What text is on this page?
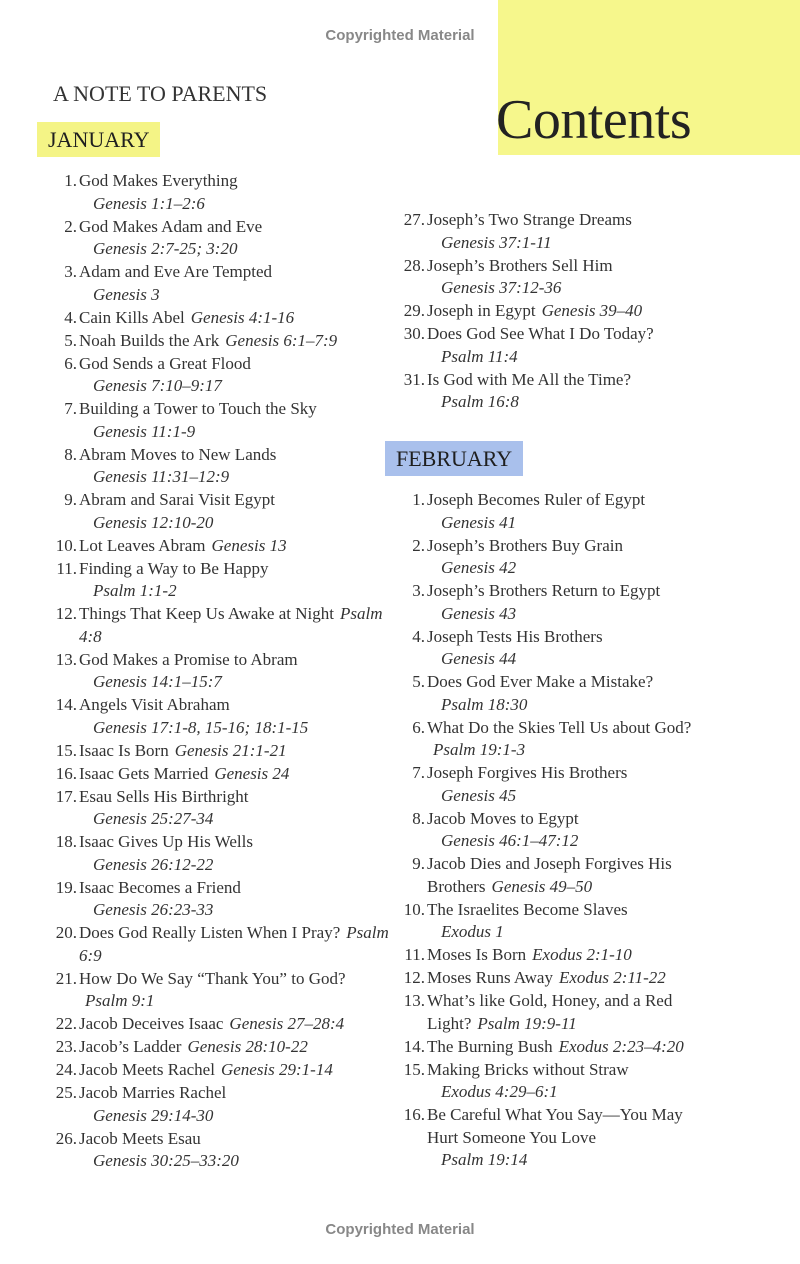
Copyrighted Material
Contents
A NOTE TO PARENTS
JANUARY
1. God Makes Everything
Genesis 1:1–2:6
2. God Makes Adam and Eve
Genesis 2:7-25; 3:20
3. Adam and Eve Are Tempted
Genesis 3
4. Cain Kills Abel Genesis 4:1-16
5. Noah Builds the Ark Genesis 6:1–7:9
6. God Sends a Great Flood
Genesis 7:10–9:17
7. Building a Tower to Touch the Sky
Genesis 11:1-9
8. Abram Moves to New Lands
Genesis 11:31–12:9
9. Abram and Sarai Visit Egypt
Genesis 12:10-20
10. Lot Leaves Abram Genesis 13
11. Finding a Way to Be Happy
Psalm 1:1-2
12. Things That Keep Us Awake at Night Psalm 4:8
13. God Makes a Promise to Abram
Genesis 14:1–15:7
14. Angels Visit Abraham
Genesis 17:1-8, 15-16; 18:1-15
15. Isaac Is Born Genesis 21:1-21
16. Isaac Gets Married Genesis 24
17. Esau Sells His Birthright
Genesis 25:27-34
18. Isaac Gives Up His Wells
Genesis 26:12-22
19. Isaac Becomes a Friend
Genesis 26:23-33
20. Does God Really Listen When I Pray? Psalm 6:9
21. How Do We Say “Thank You” to God?Psalm 9:1
22. Jacob Deceives Isaac Genesis 27–28:4
23. Jacob’s Ladder Genesis 28:10-22
24. Jacob Meets Rachel Genesis 29:1-14
25. Jacob Marries Rachel
Genesis 29:14-30
26. Jacob Meets Esau
Genesis 30:25–33:20
27. Joseph’s Two Strange Dreams
Genesis 37:1-11
28. Joseph’s Brothers Sell Him
Genesis 37:12-36
29. Joseph in Egypt Genesis 39–40
30. Does God See What I Do Today?
Psalm 11:4
31. Is God with Me All the Time?
Psalm 16:8
FEBRUARY
1. Joseph Becomes Ruler of Egypt
Genesis 41
2. Joseph’s Brothers Buy Grain
Genesis 42
3. Joseph’s Brothers Return to Egypt
Genesis 43
4. Joseph Tests His Brothers
Genesis 44
5. Does God Ever Make a Mistake?
Psalm 18:30
6. What Do the Skies Tell Us about God?Psalm 19:1-3
7. Joseph Forgives His Brothers
Genesis 45
8. Jacob Moves to Egypt
Genesis 46:1–47:12
9. Jacob Dies and Joseph Forgives His Brothers Genesis 49–50
10. The Israelites Become Slaves
Exodus 1
11. Moses Is Born Exodus 2:1-10
12. Moses Runs Away Exodus 2:11-22
13. What’s like Gold, Honey, and a Red Light? Psalm 19:9-11
14. The Burning Bush Exodus 2:23–4:20
15. Making Bricks without Straw
Exodus 4:29–6:1
16. Be Careful What You Say—You May Hurt Someone You Love
Psalm 19:14
Copyrighted Material
